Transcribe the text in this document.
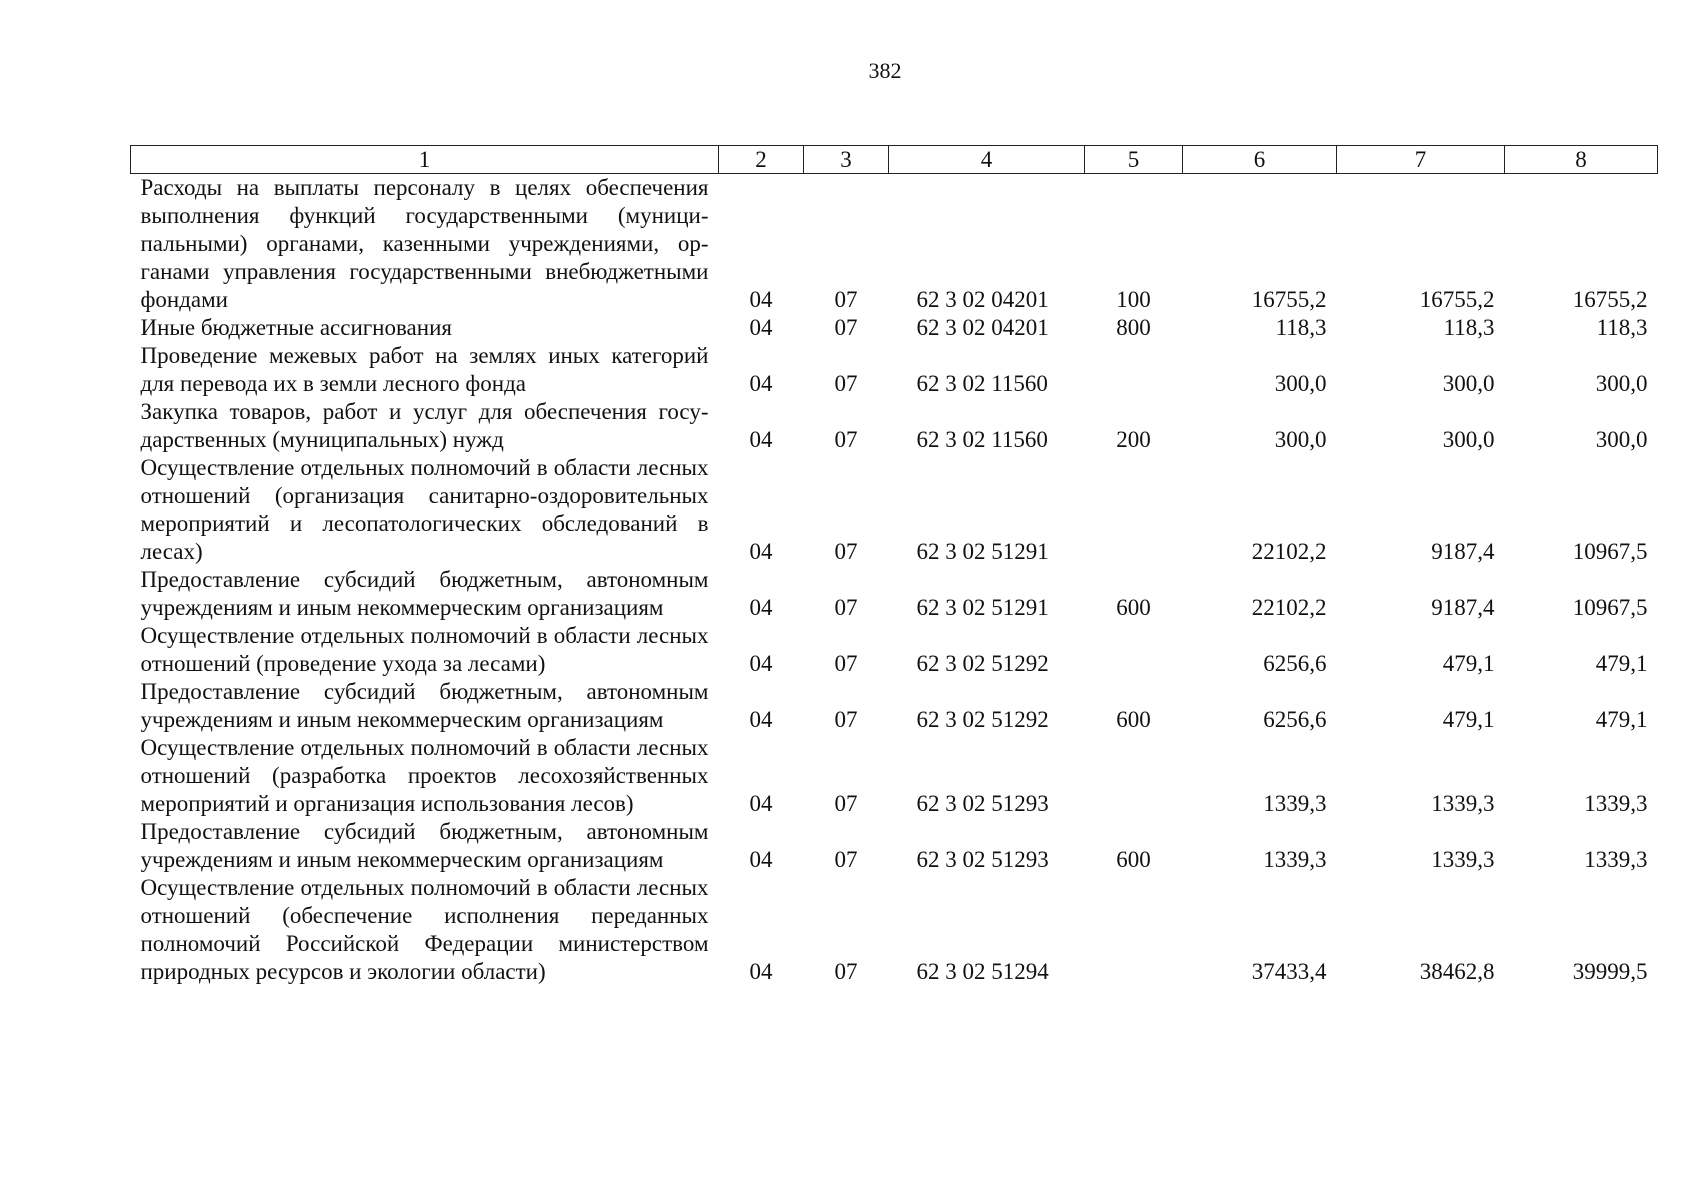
382
1	2	3	4	5	6	7	8
Расходы на выплаты персоналу в целях обеспечения выполнения функций государственными (муниципальными) органами, казенными учреждениями, органами управления государственными внебюджетными фондами	04	07	62 3 02 04201	100	16755,2	16755,2	16755,2
Иные бюджетные ассигнования	04	07	62 3 02 04201	800	118,3	118,3	118,3
Проведение межевых работ на землях иных категорий для перевода их в земли лесного фонда	04	07	62 3 02 11560		300,0	300,0	300,0
Закупка товаров, работ и услуг для обеспечения государственных (муниципальных) нужд	04	07	62 3 02 11560	200	300,0	300,0	300,0
Осуществление отдельных полномочий в области лесных отношений (организация санитарно-оздоровительных мероприятий и лесопатологических обследований в лесах)	04	07	62 3 02 51291		22102,2	9187,4	10967,5
Предоставление субсидий бюджетным, автономным учреждениям и иным некоммерческим организациям	04	07	62 3 02 51291	600	22102,2	9187,4	10967,5
Осуществление отдельных полномочий в области лесных отношений (проведение ухода за лесами)	04	07	62 3 02 51292		6256,6	479,1	479,1
Предоставление субсидий бюджетным, автономным учреждениям и иным некоммерческим организациям	04	07	62 3 02 51292	600	6256,6	479,1	479,1
Осуществление отдельных полномочий в области лесных отношений (разработка проектов лесохозяйственных мероприятий и организация использования лесов)	04	07	62 3 02 51293		1339,3	1339,3	1339,3
Предоставление субсидий бюджетным, автономным учреждениям и иным некоммерческим организациям	04	07	62 3 02 51293	600	1339,3	1339,3	1339,3
Осуществление отдельных полномочий в области лесных отношений (обеспечение исполнения переданных полномочий Российской Федерации министерством природных ресурсов и экологии области)	04	07	62 3 02 51294		37433,4	38462,8	39999,5
